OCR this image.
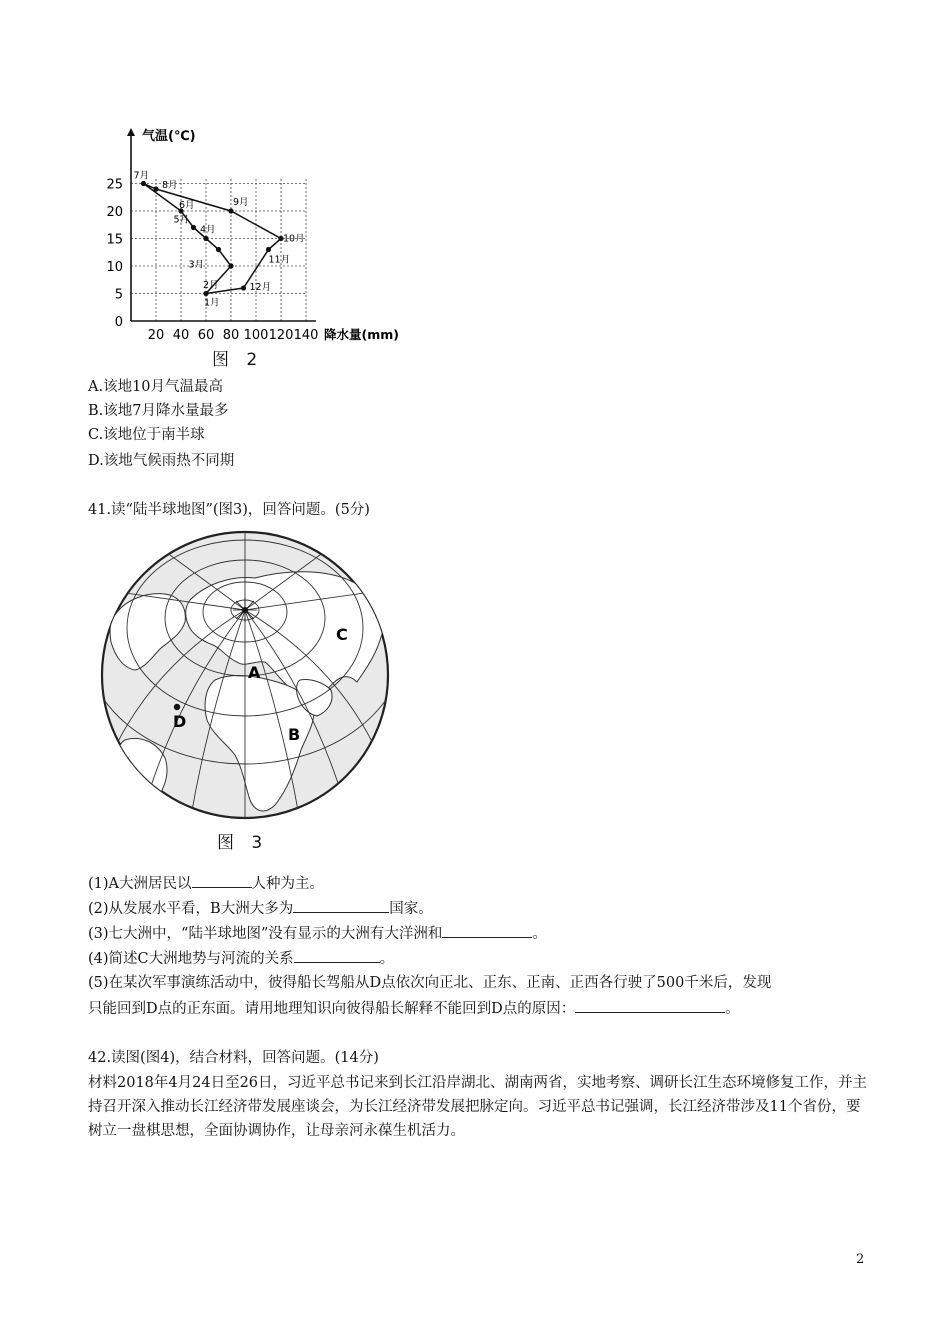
0
5
10
15
20
25
20 40 60 80 100 120 140
1月
2月
3月
4月
5月
6月
7月
8月
9月
10月
11月
12月
气温(℃)
降水量(mm)
图 2
A.该地10月气温最高
B.该地7月降水量最多
C.该地位于南半球
D.该地气候雨热不同期
41.读“陆半球地图”(图3)，回答问题。(5分)
A
B
C
D
图 3
(1)A大洲居民以	人种为主。
(2)从发展水平看，B大洲大多为	国家。
(3)七大洲中，“陆半球地图”没有显示的大洲有大洋洲和	。
(4)简述C大洲地势与河流的关系	。
(5)在某次军事演练活动中，彼得船长驾船从D点依次向正北、正东、正南、正西各行驶了500千米后，发现
只能回到D点的正东面。请用地理知识向彼得船长解释不能回到D点的原因：	。
42.读图(图4)，结合材料，回答问题。(14分)
材料2018年4月24日至26日，习近平总书记来到长江沿岸湖北、湖南两省，实地考察、调研长江生态环境修复工作，并主持召开深入推动长江经济带发展座谈会，为长江经济带发展把脉定向。习近平总书记强调，长江经济带涉及11个省份，要树立一盘棋思想，全面协调协作，让母亲河永葆生机活力。
2
